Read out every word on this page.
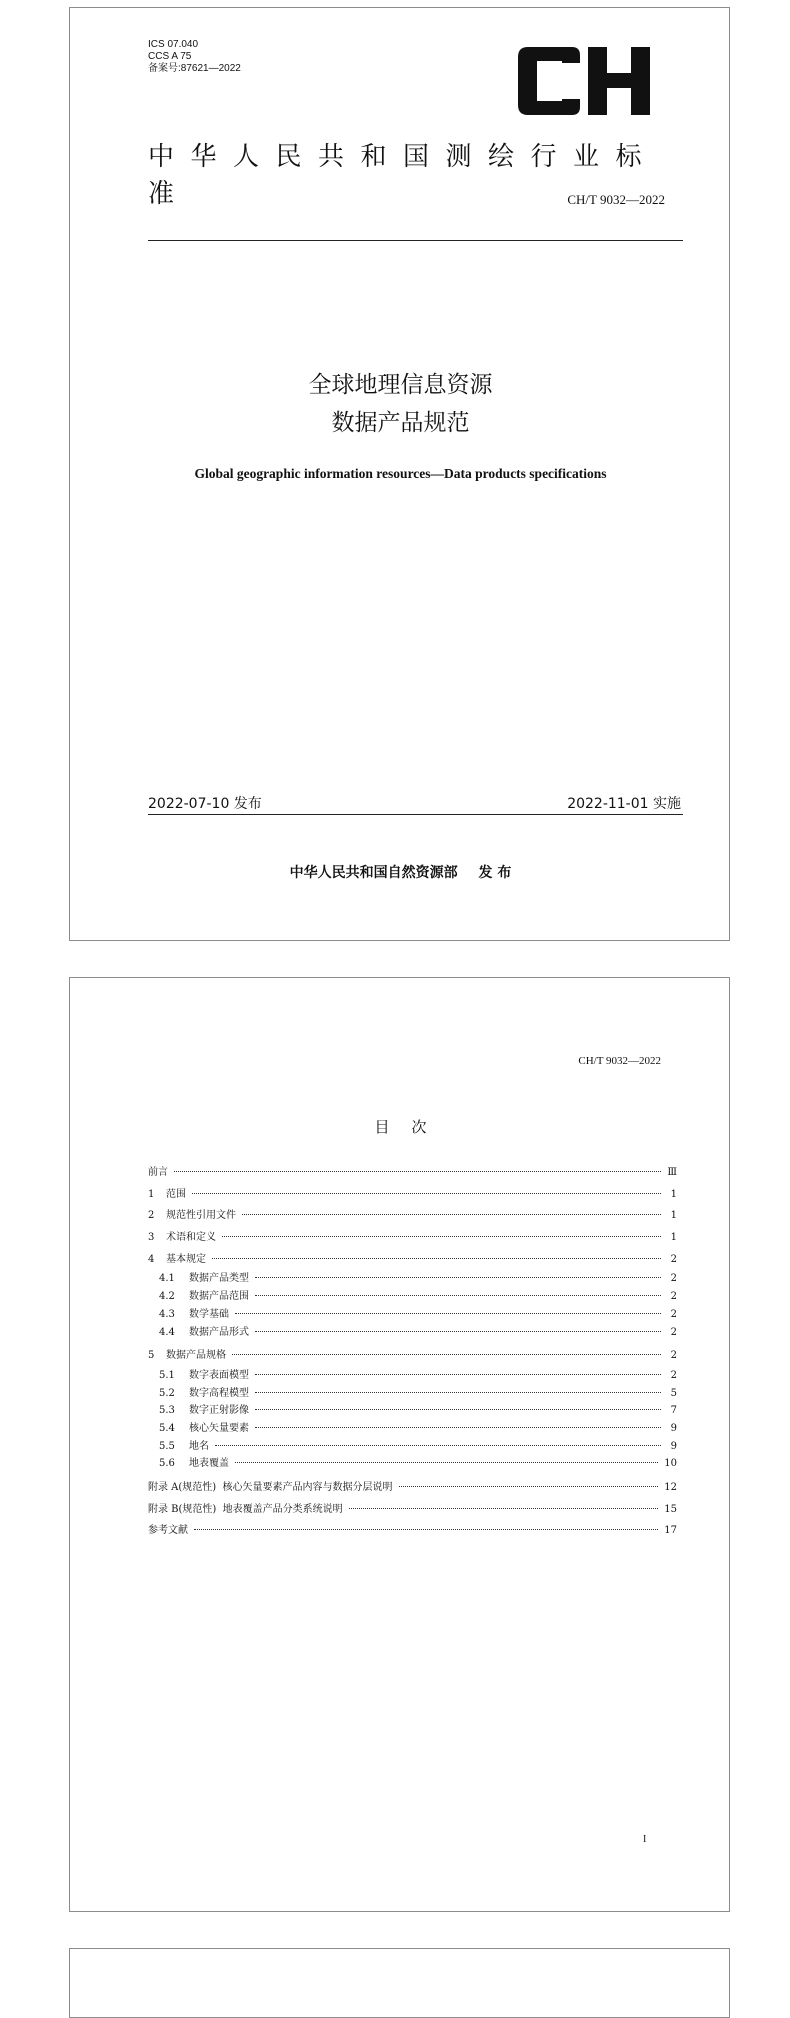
ICS 07.040
CCS A 75
备案号:87621—2022
中华人民共和国测绘行业标准	CH/T 9032—2022
全球地理信息资源
数据产品规范
Global geographic information resources—Data products specifications
2022-07-10 发布	2022-11-01 实施
中华人民共和国自然资源部 发 布
CH/T 9032—2022
目次
前言	Ⅲ
1	范围	1
2	规范性引用文件	1
3	术语和定义	1
4	基本规定	2
4.1	数据产品类型	2
4.2	数据产品范围	2
4.3	数学基础	2
4.4	数据产品形式	2
5	数据产品规格	2
5.1	数字表面模型	2
5.2	数字高程模型	5
5.3	数字正射影像	7
5.4	核心矢量要素	9
5.5	地名	9
5.6	地表覆盖	10
附录 A(规范性)  核心矢量要素产品内容与数据分层说明	12
附录 B(规范性)  地表覆盖产品分类系统说明	15
参考文献	17
I
